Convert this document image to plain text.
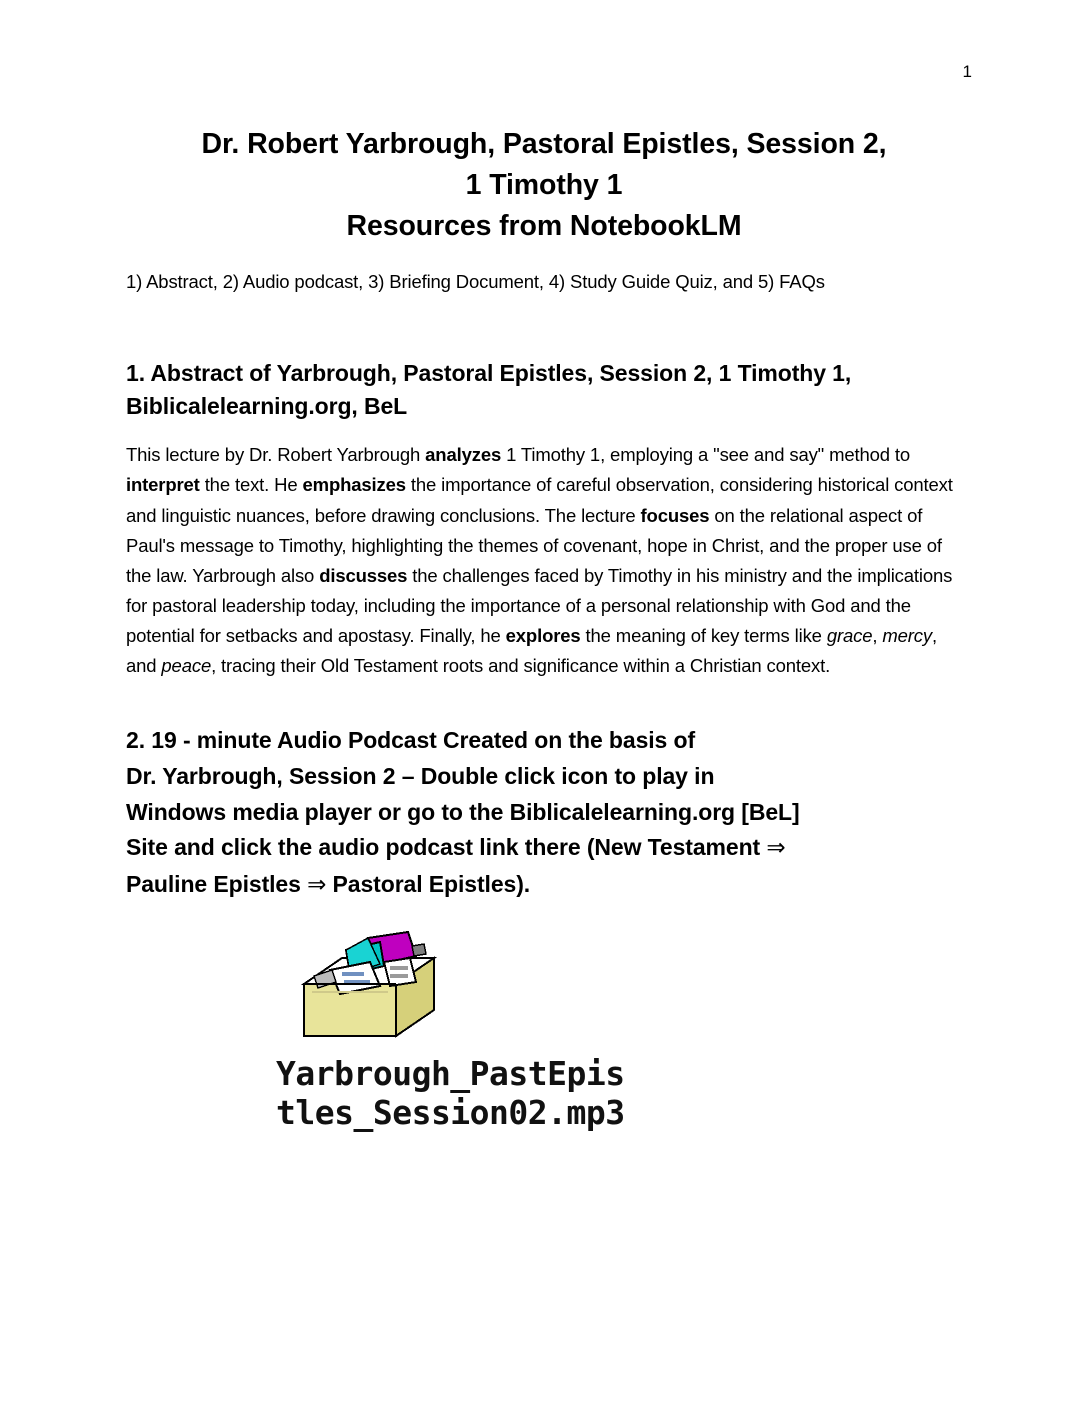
1
Dr. Robert Yarbrough, Pastoral Epistles, Session 2,
1 Timothy 1
Resources from NotebookLM
1) Abstract, 2) Audio podcast, 3) Briefing Document, 4) Study Guide Quiz, and 5) FAQs
1. Abstract of Yarbrough, Pastoral Epistles, Session 2, 1 Timothy 1, Biblicalelearning.org, BeL

This lecture by Dr. Robert Yarbrough analyzes 1 Timothy 1, employing a "see and say" method to interpret the text. He emphasizes the importance of careful observation, considering historical context and linguistic nuances, before drawing conclusions. The lecture focuses on the relational aspect of Paul's message to Timothy, highlighting the themes of covenant, hope in Christ, and the proper use of the law. Yarbrough also discusses the challenges faced by Timothy in his ministry and the implications for pastoral leadership today, including the importance of a personal relationship with God and the potential for setbacks and apostasy. Finally, he explores the meaning of key terms like grace, mercy, and peace, tracing their Old Testament roots and significance within a Christian context.

2. 19 - minute Audio Podcast Created on the basis of
Dr. Yarbrough, Session 2 – Double click icon to play in
Windows media player or go to the Biblicalelearning.org [BeL]
Site and click the audio podcast link there (New Testament ⇒
Pauline Epistles ⇒ Pastoral Epistles).
Yarbrough_PastEpis
tles_Session02.mp3
